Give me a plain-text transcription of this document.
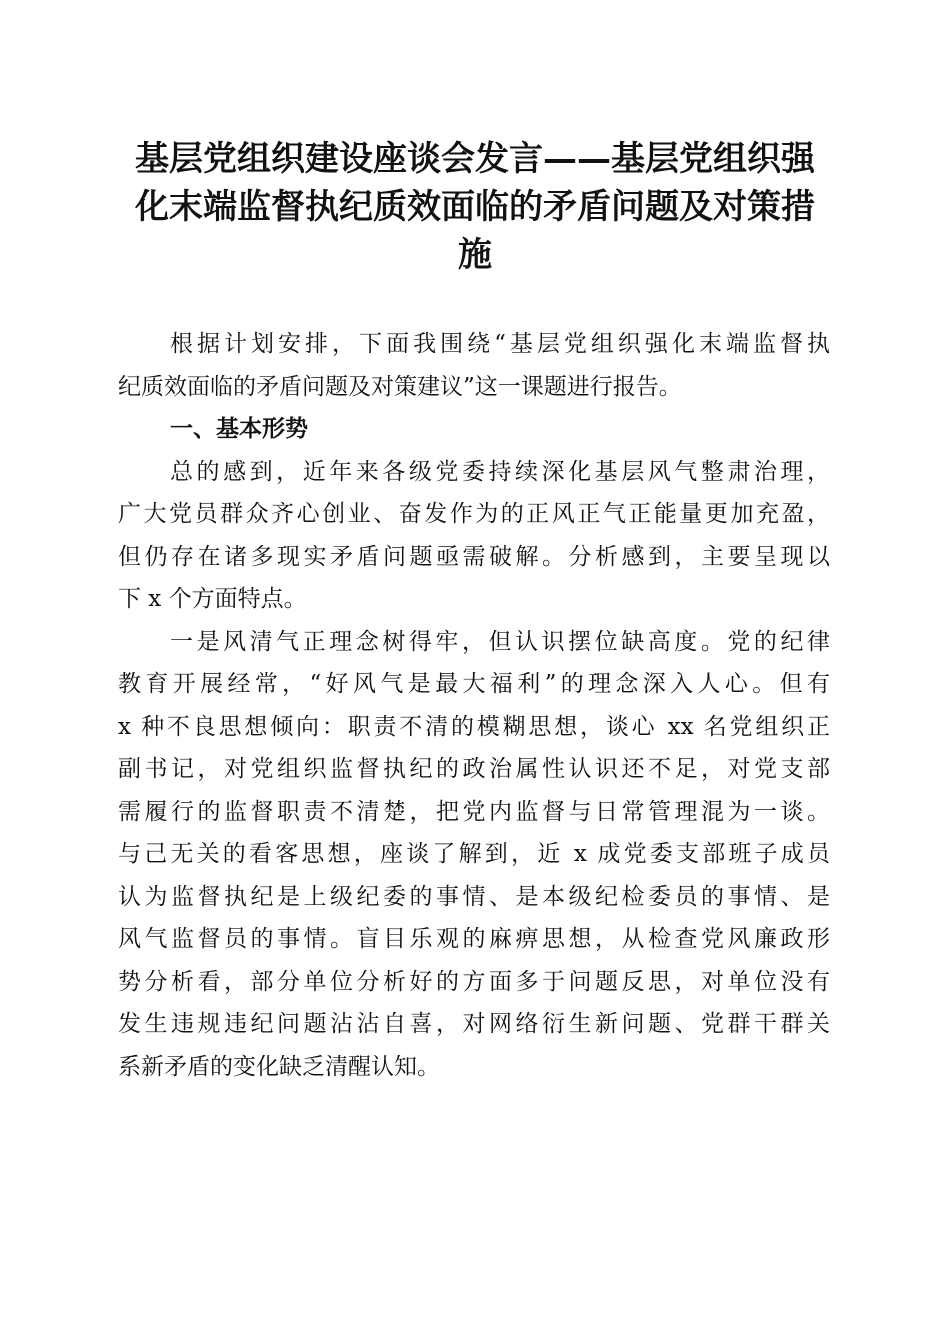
基层党组织建设座谈会发言——基层党组织强
化末端监督执纪质效面临的矛盾问题及对策措
施
根据计划安排，下面我围绕“基层党组织强化末端监督执
纪质效面临的矛盾问题及对策建议”这一课题进行报告。
一、基本形势
总的感到，近年来各级党委持续深化基层风气整肃治理，
广大党员群众齐心创业、奋发作为的正风正气正能量更加充盈，
但仍存在诸多现实矛盾问题亟需破解。分析感到，主要呈现以
下 x 个方面特点。
一是风清气正理念树得牢，但认识摆位缺高度。党的纪律
教育开展经常，“好风气是最大福利”的理念深入人心。但有
x 种不良思想倾向：职责不清的模糊思想，谈心 xx 名党组织正
副书记，对党组织监督执纪的政治属性认识还不足，对党支部
需履行的监督职责不清楚，把党内监督与日常管理混为一谈。
与己无关的看客思想，座谈了解到，近 x 成党委支部班子成员
认为监督执纪是上级纪委的事情、是本级纪检委员的事情、是
风气监督员的事情。盲目乐观的麻痹思想，从检查党风廉政形
势分析看，部分单位分析好的方面多于问题反思，对单位没有
发生违规违纪问题沾沾自喜，对网络衍生新问题、党群干群关
系新矛盾的变化缺乏清醒认知。
